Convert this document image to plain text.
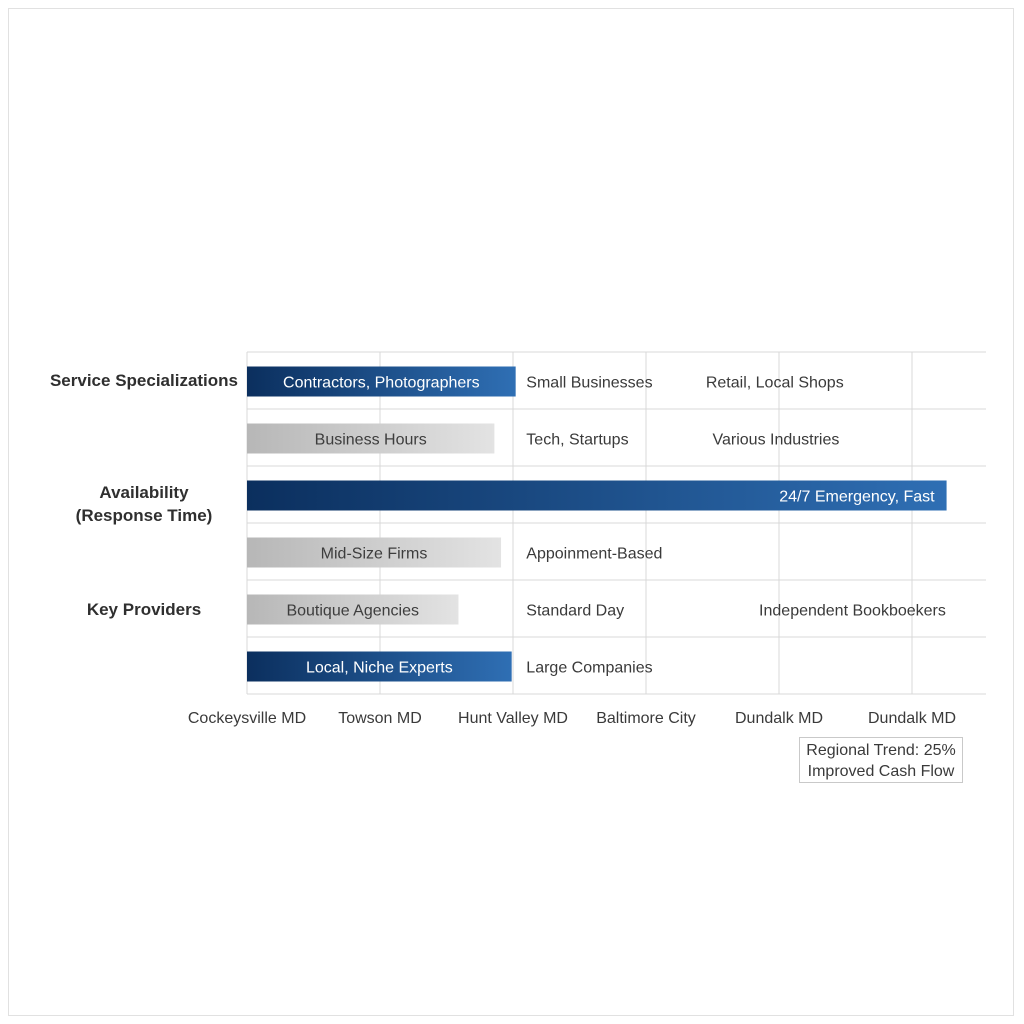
Contractors, Photographers	Small Businesses	Retail, Local Shops
Business Hours	Tech, Startups	Various Industries
24/7 Emergency, Fast
Mid-Size Firms	Appoinment-Based
Boutique Agencies	Standard Day	Independent Bookboekers
Local, Niche Experts	Large Companies
Cockeysville MD Towson MD Hunt Valley MD Baltimore City Dundalk MD	Dundalk MD
Service Specializations
Availability
(Response Time)
Key Providers
Regional Trend: 25%
Improved Cash Flow
